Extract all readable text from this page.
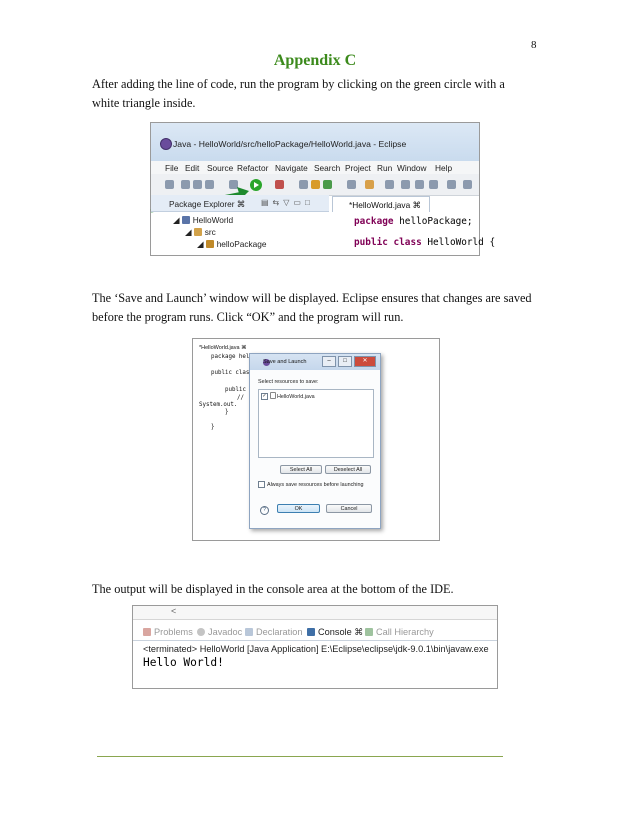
8
Appendix C
After adding the line of code, run the program by clicking on the green circle with a white triangle inside.
Java - HelloWorld/src/helloPackage/HelloWorld.java - Eclipse
File Edit Source Refactor Navigate Search Project Run Window Help
Package Explorer ⌘ ▤⇆▽▭□
◢ HelloWorld
◢ src
◢ helloPackage
*HelloWorld.java ⌘
package helloPackage;
public class HelloWorld {
The ‘Save and Launch’ window will be displayed. Eclipse ensures that changes are saved before the program runs. Click “OK” and the program will run.
*HelloWorld.java ⌘
package hel
public clas
public
//
System.out.
}
}
Save and Launch	‒	□	✕
Select resources to save:
✓ HelloWorld.java
Select All	Deselect All
Always save resources before launching
?	OK	Cancel
The output will be displayed in the console area at the bottom of the IDE.
<
Problems	Javadoc	Declaration	Console ⌘	Call Hierarchy
<terminated> HelloWorld [Java Application] E:\Eclipse\eclipse\jdk-9.0.1\bin\javaw.exe
Hello World!
